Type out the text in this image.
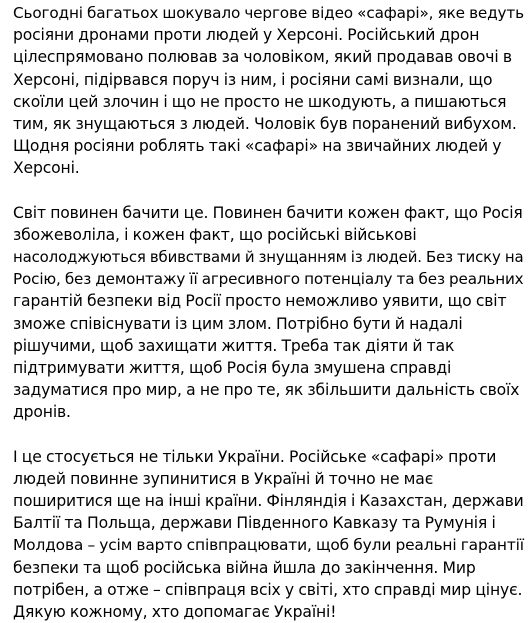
Сьогодні багатьох шокувало чергове відео «сафарі», яке ведуть
росіяни дронами проти людей у Херсоні. Російський дрон
цілеспрямовано полював за чоловіком, який продавав овочі в
Херсоні, підірвався поруч із ним, і росіяни самі визнали, що
скоїли цей злочин і що не просто не шкодують, а пишаються
тим, як знущаються з людей. Чоловік був поранений вибухом.
Щодня росіяни роблять такі «сафарі» на звичайних людей у
Херсоні.

Світ повинен бачити це. Повинен бачити кожен факт, що Росія
збожеволіла, і кожен факт, що російські військові
насолоджуються вбивствами й знущанням із людей. Без тиску на
Росію, без демонтажу її агресивного потенціалу та без реальних
гарантій безпеки від Росії просто неможливо уявити, що світ
зможе співіснувати із цим злом. Потрібно бути й надалі
рішучими, щоб захищати життя. Треба так діяти й так
підтримувати життя, щоб Росія була змушена справді
задуматися про мир, а не про те, як збільшити дальність своїх
дронів.

І це стосується не тільки України. Російське «сафарі» проти
людей повинне зупинитися в Україні й точно не має
поширитися ще на інші країни. Фінляндія і Казахстан, держави
Балтії та Польща, держави Південного Кавказу та Румунія і
Молдова – усім варто співпрацювати, щоб були реальні гарантії
безпеки та щоб російська війна йшла до закінчення. Мир
потрібен, а отже – співпраця всіх у світі, хто справді мир цінує.
Дякую кожному, хто допомагає Україні!
